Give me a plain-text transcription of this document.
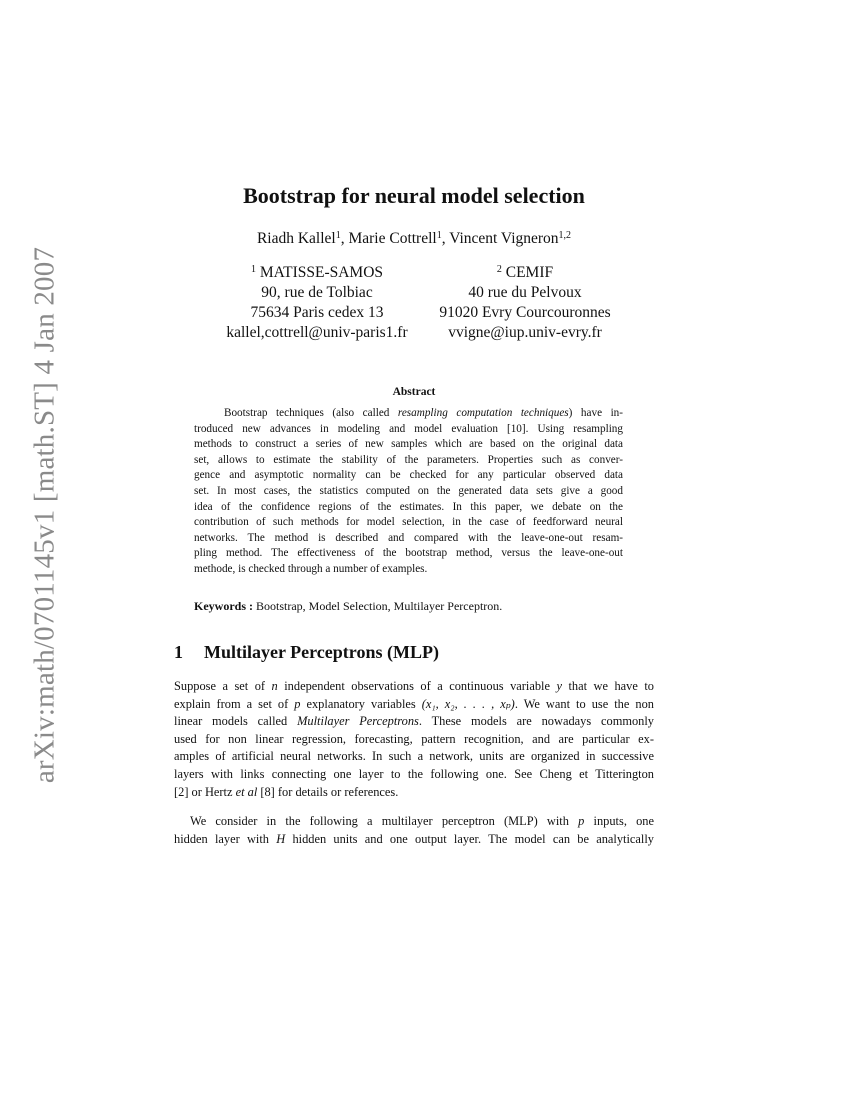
arXiv:math/0701145v1 [math.ST] 4 Jan 2007
Bootstrap for neural model selection
Riadh Kallel$^1$, Marie Cottrell$^1$, Vincent Vigneron$^{1,2}$
$^1$ MATISSE-SAMOS
90, rue de Tolbiac
75634 Paris cedex 13
kallel,cottrell@univ-paris1.fr
$^2$ CEMIF
40 rue du Pelvoux
91020 Evry Courcouronnes
vvigne@iup.univ-evry.fr
Abstract
Bootstrap techniques (also called resampling computation techniques) have in-
troduced new advances in modeling and model evaluation [10]. Using resampling
methods to construct a series of new samples which are based on the original data
set, allows to estimate the stability of the parameters. Properties such as conver-
gence and asymptotic normality can be checked for any particular observed data
set. In most cases, the statistics computed on the generated data sets give a good
idea of the confidence regions of the estimates. In this paper, we debate on the
contribution of such methods for model selection, in the case of feedforward neural
networks. The method is described and compared with the leave-one-out resam-
pling method. The effectiveness of the bootstrap method, versus the leave-one-out
methode, is checked through a number of examples.
Keywords : Bootstrap, Model Selection, Multilayer Perceptron.
1 Multilayer Perceptrons (MLP)
Suppose a set of n independent observations of a continuous variable y that we have to
explain from a set of p explanatory variables (x₁, x₂, . . . , xₚ). We want to use the non
linear models called Multilayer Perceptrons. These models are nowadays commonly
used for non linear regression, forecasting, pattern recognition, and are particular ex-
amples of artificial neural networks. In such a network, units are organized in successive
layers with links connecting one layer to the following one. See Cheng et Titterington
[2] or Hertz et al [8] for details or references.
We consider in the following a multilayer perceptron (MLP) with p inputs, one
hidden layer with H hidden units and one output layer. The model can be analytically
